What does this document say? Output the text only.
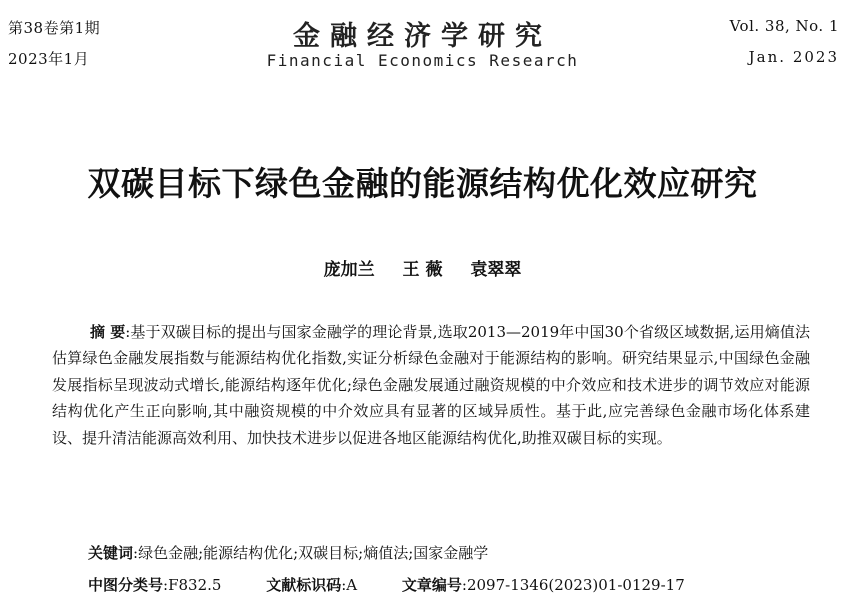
第38卷第1期
2023年1月
金融经济学研究
Financial Economics Research
Vol. 38, No. 1
Jan. 2023
双碳目标下绿色金融的能源结构优化效应研究
庞加兰 王 薇 袁翠翠
摘 要:基于双碳目标的提出与国家金融学的理论背景,选取2013—2019年中国30个省级区域数据,运用熵值法估算绿色金融发展指数与能源结构优化指数,实证分析绿色金融对于能源结构的影响。研究结果显示,中国绿色金融发展指标呈现波动式增长,能源结构逐年优化;绿色金融发展通过融资规模的中介效应和技术进步的调节效应对能源结构优化产生正向影响,其中融资规模的中介效应具有显著的区域异质性。基于此,应完善绿色金融市场化体系建设、提升清洁能源高效利用、加快技术进步以促进各地区能源结构优化,助推双碳目标的实现。
关键词:绿色金融;能源结构优化;双碳目标;熵值法;国家金融学
中图分类号:F832.5	文献标识码:A	文章编号:2097-1346(2023)01-0129-17
